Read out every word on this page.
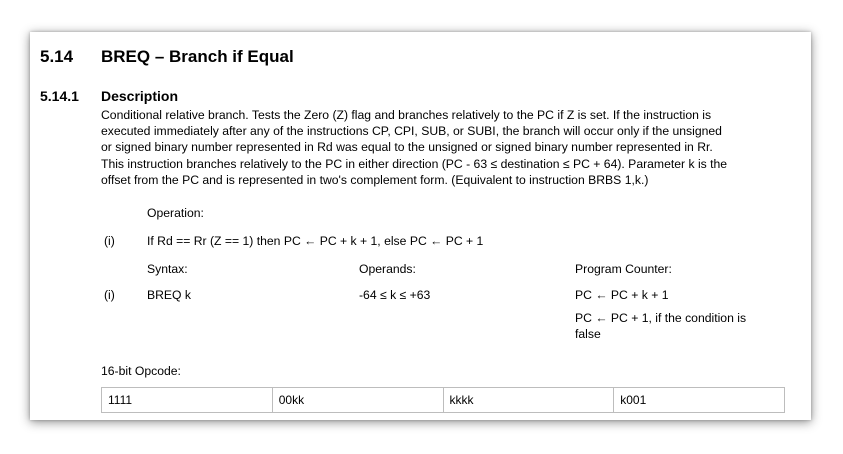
5.14 BREQ – Branch if Equal
5.14.1 Description
Conditional relative branch. Tests the Zero (Z) flag and branches relatively to the PC if Z is set. If the instruction is
executed immediately after any of the instructions CP, CPI, SUB, or SUBI, the branch will occur only if the unsigned
or signed binary number represented in Rd was equal to the unsigned or signed binary number represented in Rr.
This instruction branches relatively to the PC in either direction (PC - 63 ≤ destination ≤ PC + 64). Parameter k is the
offset from the PC and is represented in two's complement form. (Equivalent to instruction BRBS 1,k.)
Operation:
(i)	If Rd == Rr (Z == 1) then PC ← PC + k + 1, else PC ← PC + 1
Syntax:	Operands:	Program Counter:
(i)	BREQ k	-64 ≤ k ≤ +63	PC ← PC + k + 1
PC ← PC + 1, if the condition is
false
16-bit Opcode:
1111	00kk	kkkk	k001
